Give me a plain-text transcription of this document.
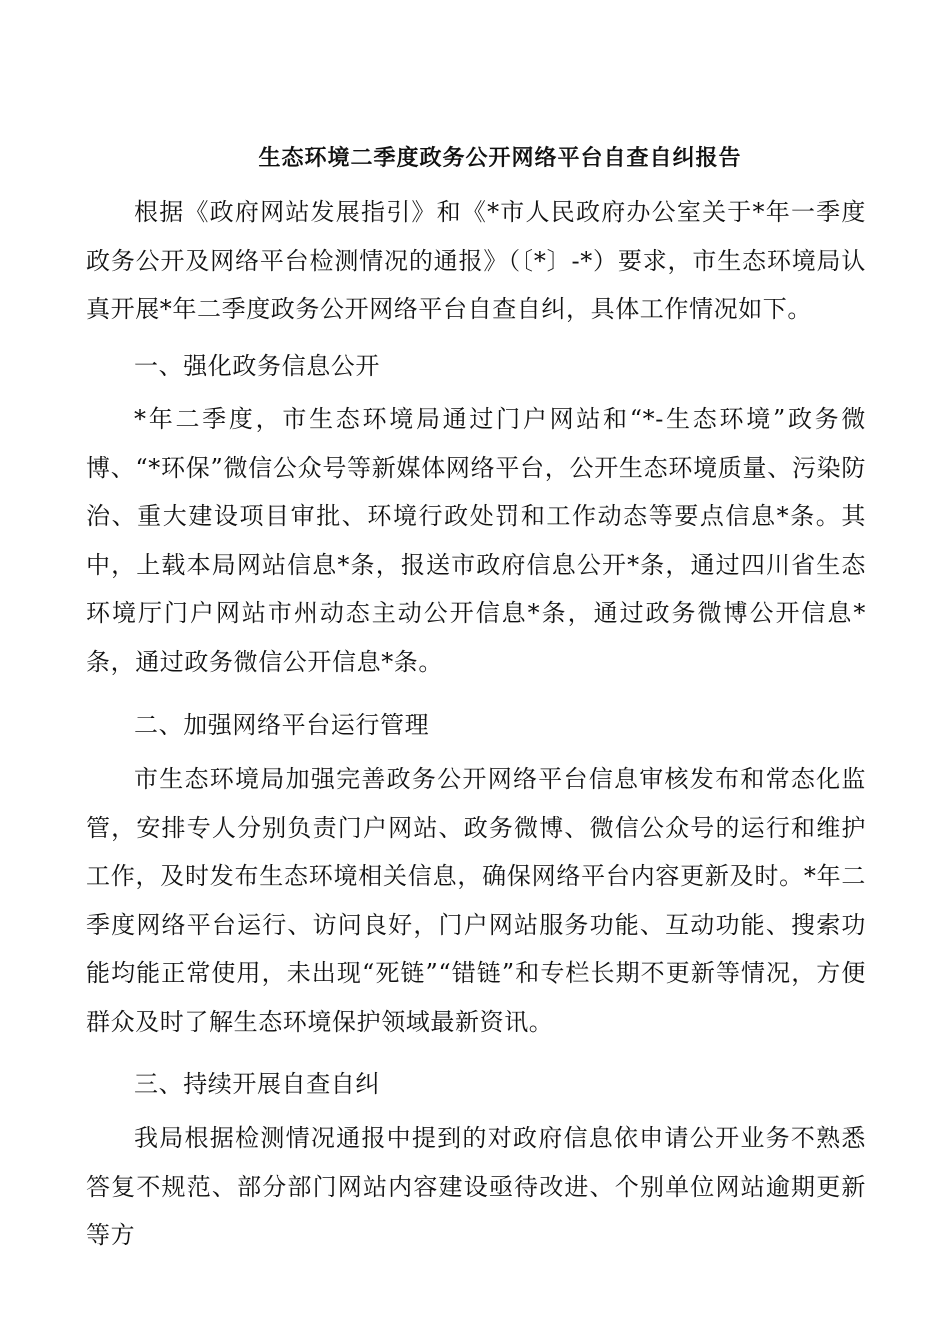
生态环境二季度政务公开网络平台自查自纠报告
根据《政府网站发展指引》和《*市人民政府办公室关于*年一季度政务公开及网络平台检测情况的通报》（〔*〕-*）要求，市生态环境局认真开展*年二季度政务公开网络平台自查自纠，具体工作情况如下。
一、强化政务信息公开
*年二季度，市生态环境局通过门户网站和“*-生态环境”政务微博、“*环保”微信公众号等新媒体网络平台，公开生态环境质量、污染防治、重大建设项目审批、环境行政处罚和工作动态等要点信息*条。其中，上载本局网站信息*条，报送市政府信息公开*条，通过四川省生态环境厅门户网站市州动态主动公开信息*条，通过政务微博公开信息*条，通过政务微信公开信息*条。
二、加强网络平台运行管理
市生态环境局加强完善政务公开网络平台信息审核发布和常态化监管，安排专人分别负责门户网站、政务微博、微信公众号的运行和维护工作，及时发布生态环境相关信息，确保网络平台内容更新及时。*年二季度网络平台运行、访问良好，门户网站服务功能、互动功能、搜索功能均能正常使用，未出现“死链”“错链”和专栏长期不更新等情况，方便群众及时了解生态环境保护领域最新资讯。
三、持续开展自查自纠
我局根据检测情况通报中提到的对政府信息依申请公开业务不熟悉答复不规范、部分部门网站内容建设亟待改进、个别单位网站逾期更新等方
